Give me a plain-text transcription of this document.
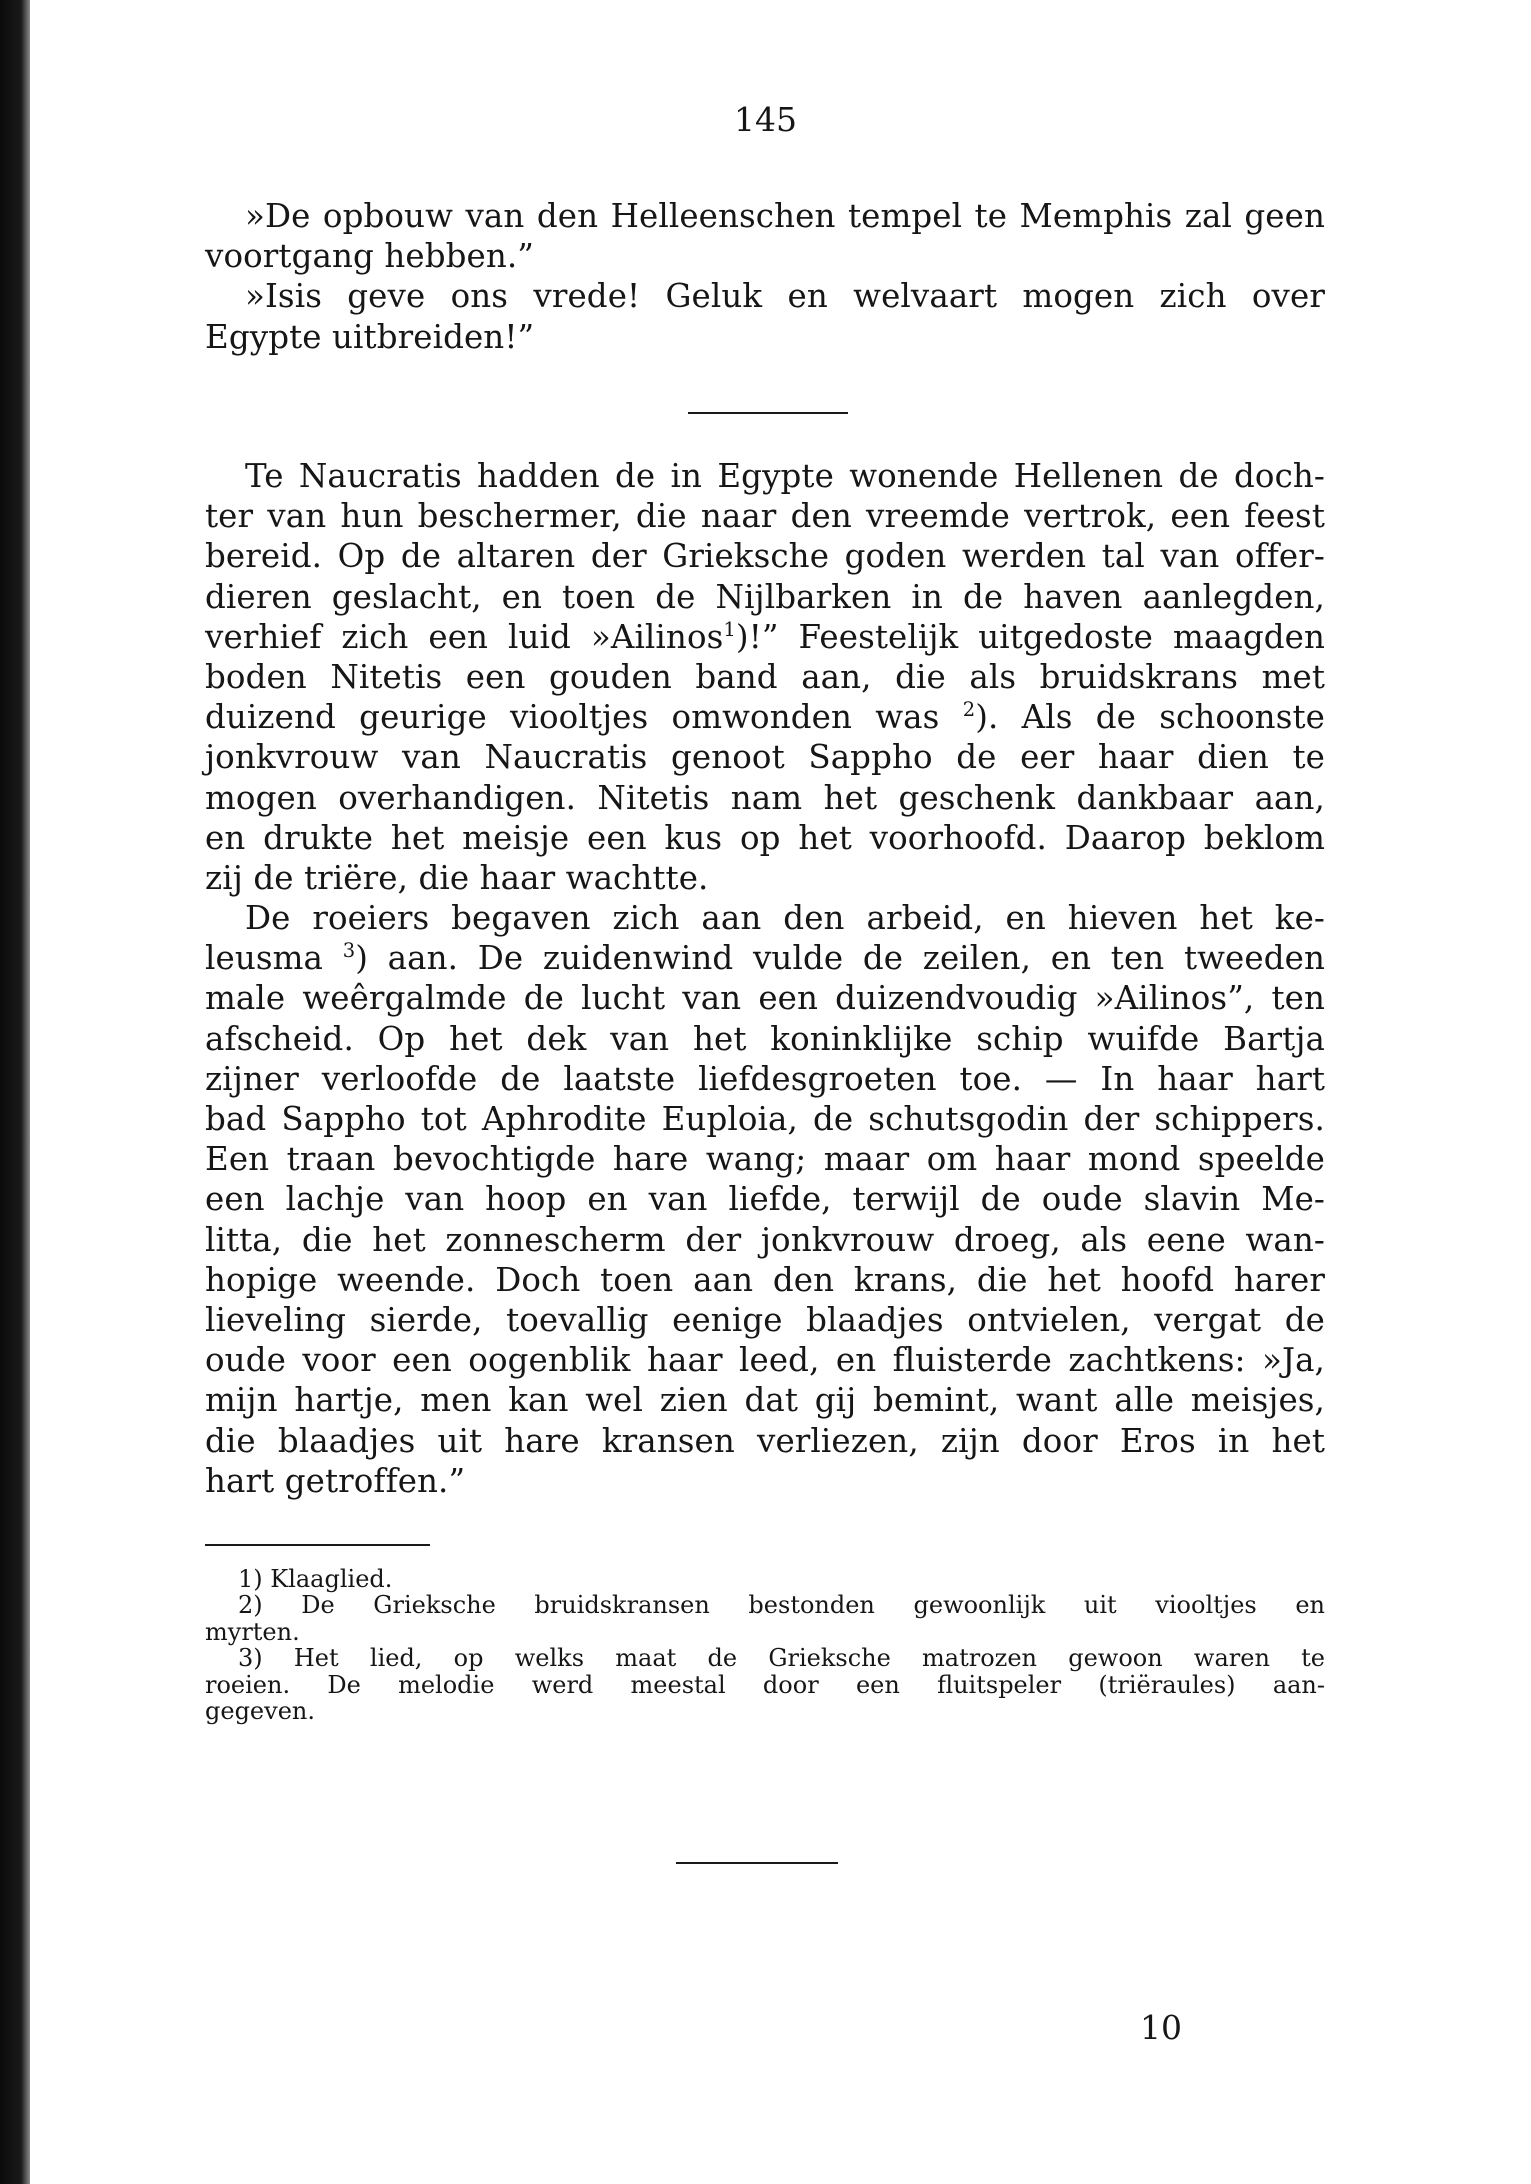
145
»De opbouw van den Helleenschen tempel te Memphis zal geen
voortgang hebben.”
»Isis geve ons vrede! Geluk en welvaart mogen zich over
Egypte uitbreiden!”
Te Naucratis hadden de in Egypte wonende Hellenen de doch-
ter van hun beschermer, die naar den vreemde vertrok, een feest
bereid. Op de altaren der Grieksche goden werden tal van offer-
dieren geslacht, en toen de Nijlbarken in de haven aanlegden,
verhief zich een luid »Ailinos$^1$)!” Feestelijk uitgedoste maagden
boden Nitetis een gouden band aan, die als bruidskrans met
duizend geurige viooltjes omwonden was $^2$). Als de schoonste
jonkvrouw van Naucratis genoot Sappho de eer haar dien te
mogen overhandigen. Nitetis nam het geschenk dankbaar aan,
en drukte het meisje een kus op het voorhoofd. Daarop beklom
zij de triëre, die haar wachtte.
De roeiers begaven zich aan den arbeid, en hieven het ke-
leusma $^3$) aan. De zuidenwind vulde de zeilen, en ten tweeden
male weêrgalmde de lucht van een duizendvoudig »Ailinos”, ten
afscheid. Op het dek van het koninklijke schip wuifde Bartja
zijner verloofde de laatste liefdesgroeten toe. — In haar hart
bad Sappho tot Aphrodite Euploia, de schutsgodin der schippers.
Een traan bevochtigde hare wang; maar om haar mond speelde
een lachje van hoop en van liefde, terwijl de oude slavin Me-
litta, die het zonnescherm der jonkvrouw droeg, als eene wan-
hopige weende. Doch toen aan den krans, die het hoofd harer
lieveling sierde, toevallig eenige blaadjes ontvielen, vergat de
oude voor een oogenblik haar leed, en fluisterde zachtkens: »Ja,
mijn hartje, men kan wel zien dat gij bemint, want alle meisjes,
die blaadjes uit hare kransen verliezen, zijn door Eros in het
hart getroffen.”
1) Klaaglied.
2) De Grieksche bruidskransen bestonden gewoonlijk uit viooltjes en
myrten.
3) Het lied, op welks maat de Grieksche matrozen gewoon waren te
roeien. De melodie werd meestal door een fluitspeler (triëraules) aan-
gegeven.
10
